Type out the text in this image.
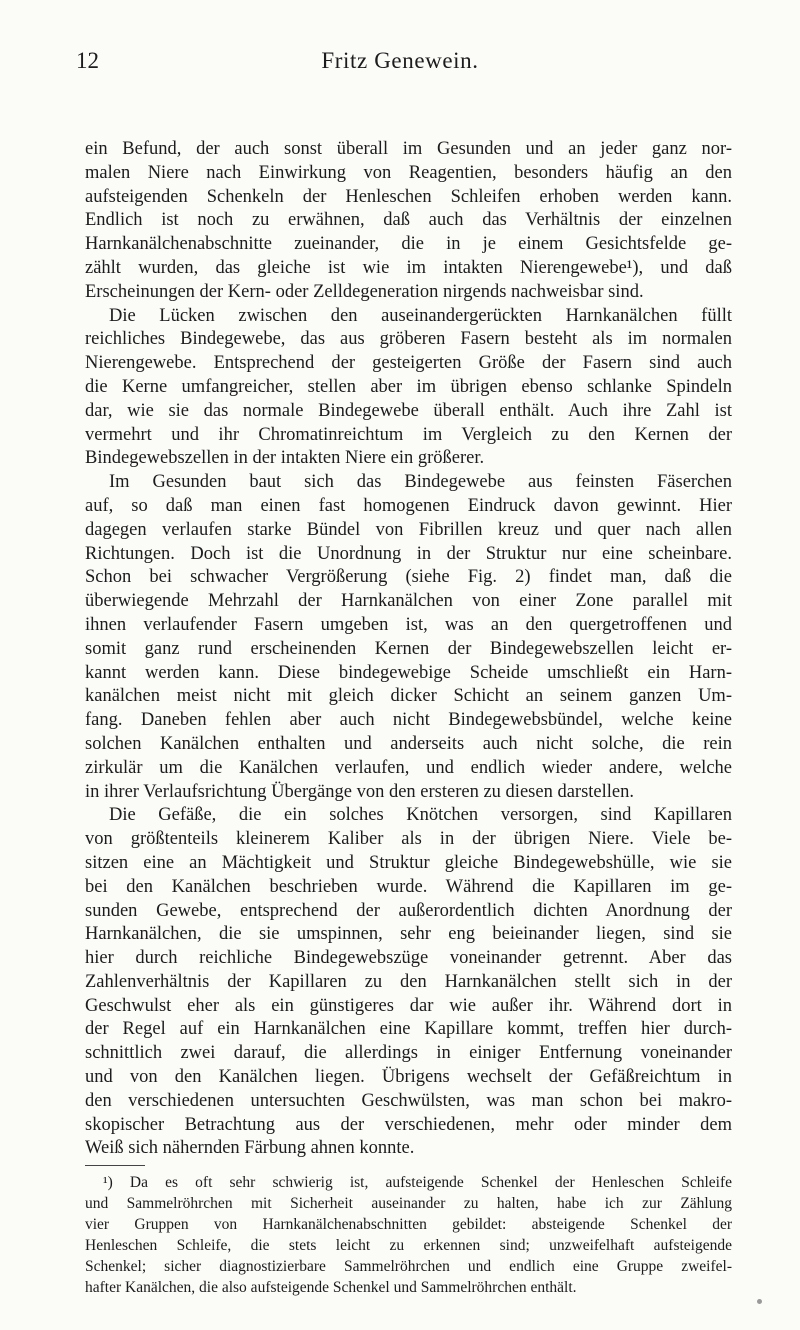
12	Fritz Genewein.
ein Befund, der auch sonst überall im Gesunden und an jeder ganz nor-
malen Niere nach Einwirkung von Reagentien, besonders häufig an den
aufsteigenden Schenkeln der Henleschen Schleifen erhoben werden kann.
Endlich ist noch zu erwähnen, daß auch das Verhältnis der einzelnen
Harnkanälchenabschnitte zueinander, die in je einem Gesichtsfelde ge-
zählt wurden, das gleiche ist wie im intakten Nierengewebe¹), und daß
Erscheinungen der Kern- oder Zelldegeneration nirgends nachweisbar sind.
Die Lücken zwischen den auseinandergerückten Harnkanälchen füllt
reichliches Bindegewebe, das aus gröberen Fasern besteht als im normalen
Nierengewebe. Entsprechend der gesteigerten Größe der Fasern sind auch
die Kerne umfangreicher, stellen aber im übrigen ebenso schlanke Spindeln
dar, wie sie das normale Bindegewebe überall enthält. Auch ihre Zahl ist
vermehrt und ihr Chromatinreichtum im Vergleich zu den Kernen der
Bindegewebszellen in der intakten Niere ein größerer.
Im Gesunden baut sich das Bindegewebe aus feinsten Fäserchen
auf, so daß man einen fast homogenen Eindruck davon gewinnt. Hier
dagegen verlaufen starke Bündel von Fibrillen kreuz und quer nach allen
Richtungen. Doch ist die Unordnung in der Struktur nur eine scheinbare.
Schon bei schwacher Vergrößerung (siehe Fig. 2) findet man, daß die
überwiegende Mehrzahl der Harnkanälchen von einer Zone parallel mit
ihnen verlaufender Fasern umgeben ist, was an den quergetroffenen und
somit ganz rund erscheinenden Kernen der Bindegewebszellen leicht er-
kannt werden kann. Diese bindegewebige Scheide umschließt ein Harn-
kanälchen meist nicht mit gleich dicker Schicht an seinem ganzen Um-
fang. Daneben fehlen aber auch nicht Bindegewebsbündel, welche keine
solchen Kanälchen enthalten und anderseits auch nicht solche, die rein
zirkulär um die Kanälchen verlaufen, und endlich wieder andere, welche
in ihrer Verlaufsrichtung Übergänge von den ersteren zu diesen darstellen.
Die Gefäße, die ein solches Knötchen versorgen, sind Kapillaren
von größtenteils kleinerem Kaliber als in der übrigen Niere. Viele be-
sitzen eine an Mächtigkeit und Struktur gleiche Bindegewebshülle, wie sie
bei den Kanälchen beschrieben wurde. Während die Kapillaren im ge-
sunden Gewebe, entsprechend der außerordentlich dichten Anordnung der
Harnkanälchen, die sie umspinnen, sehr eng beieinander liegen, sind sie
hier durch reichliche Bindegewebszüge voneinander getrennt. Aber das
Zahlenverhältnis der Kapillaren zu den Harnkanälchen stellt sich in der
Geschwulst eher als ein günstigeres dar wie außer ihr. Während dort in
der Regel auf ein Harnkanälchen eine Kapillare kommt, treffen hier durch-
schnittlich zwei darauf, die allerdings in einiger Entfernung voneinander
und von den Kanälchen liegen. Übrigens wechselt der Gefäßreichtum in
den verschiedenen untersuchten Geschwülsten, was man schon bei makro-
skopischer Betrachtung aus der verschiedenen, mehr oder minder dem
Weiß sich nähernden Färbung ahnen konnte.
¹) Da es oft sehr schwierig ist, aufsteigende Schenkel der Henleschen Schleife
und Sammelröhrchen mit Sicherheit auseinander zu halten, habe ich zur Zählung
vier Gruppen von Harnkanälchenabschnitten gebildet: absteigende Schenkel der
Henleschen Schleife, die stets leicht zu erkennen sind; unzweifelhaft aufsteigende
Schenkel; sicher diagnostizierbare Sammelröhrchen und endlich eine Gruppe zweifel-
hafter Kanälchen, die also aufsteigende Schenkel und Sammelröhrchen enthält.
